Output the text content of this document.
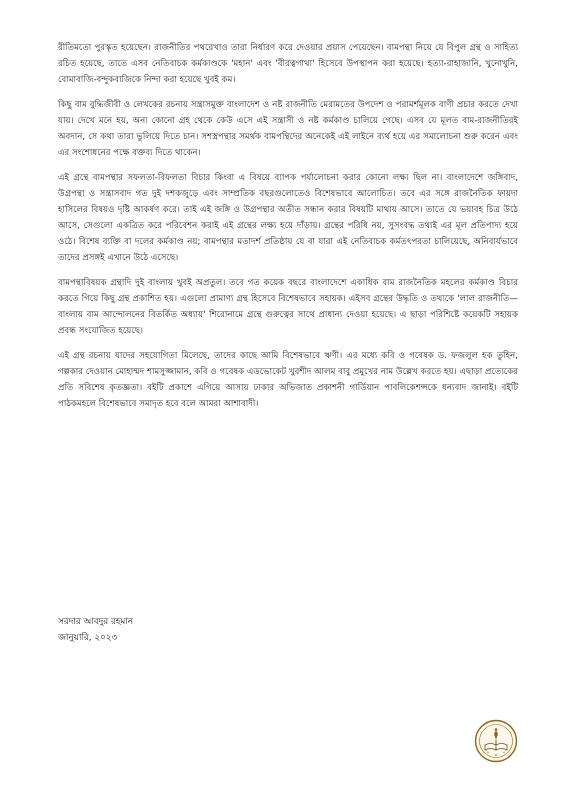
রীতিমতো পুরস্কৃত হয়েছেন। রাজনীতির পথরেখাও তারা নির্ধারণ করে দেওয়ার প্রয়াস পেয়েছেন। বামপন্থা নিয়ে যে বিপুল গ্রন্থ ও সাহিত্য রচিত হয়েছে, তাতে এসব নেতিবাচক কর্মকাণ্ডকে 'মহান' এবং 'বীরত্বগাথা' হিসেবে উপস্থাপন করা হয়েছে। হত্যা-রাহাজানি, খুনোখুনি, বোমাবাজি-বন্দুকবাজিকে নিন্দা করা হয়েছে খুবই কম।

কিছু বাম বুদ্ধিজীবী ও লেখকের রচনায় সন্ত্রাসমুক্ত বাংলাদেশ ও নষ্ট রাজনীতি মেরামতের উপদেশ ও পরামর্শমূলক বাণী প্রচার করতে দেখা যায়। দেখে মনে হয়, অন্য কোনো গ্রহ থেকে কেউ এসে এই সন্ত্রাসী ও নষ্ট কর্মকাণ্ড চালিয়ে গেছে। এসব যে মূলত বাম-রাজনীতিরই অবদান, সে কথা তারা ভুলিয়ে দিতে চান। সশস্ত্রপন্থার সমর্থক বামপন্থিদের অনেকেই এই লাইনে ব্যর্থ হয়ে এর সমালোচনা শুরু করেন এবং এর সংশোধনের পক্ষে বক্তব্য দিতে থাকেন।

এই গ্রন্থে বামপন্থার সফলতা-বিফলতা বিচার কিংবা এ বিষয়ে ব্যাপক পর্যালোচনা করার কোনো লক্ষ্য ছিল না। বাংলাদেশে জঙ্গিবাদ, উগ্রপন্থা ও সন্ত্রাসবাদ গত দুই দশকজুড়ে এবং সাম্প্রতিক বছরগুলোতেও বিশেষভাবে আলোচিত। তবে এর সঙ্গে রাজনৈতিক ফায়দা হাসিলের বিষয়ও দৃষ্টি আকর্ষণ করে। তাই এই জঙ্গি ও উগ্রপন্থার অতীত সন্ধান করার বিষয়টি মাথায় আসে। তাতে যে ভয়াবহ চিত্র উঠে আসে, সেগুলো একত্রিত করে পরিবেশন করাই এই গ্রন্থের লক্ষ্য হয়ে দাঁড়ায়। গ্রন্থের পরিধি নয়, সুসংবদ্ধ তথ্যই এর মূল প্রতিপাদ্য হয়ে ওঠে। বিশেষ ব্যক্তি বা দলের কর্মকাণ্ড নয়; বামপন্থার মতাদর্শ প্রতিষ্ঠায় যে বা যারা এই নেতিবাচক কর্মতৎপরতা চালিয়েছে, অনিবার্যভাবে তাদের প্রসঙ্গই এখানে উঠে এসেছে।

বামপন্থাবিষয়ক গ্রন্থাদি দুই বাংলায় খুবই অপ্রতুল। তবে গত কয়েক বছরে বাংলাদেশে একাধিক বাম রাজনৈতিক মহলের কর্মকাণ্ড বিচার করতে গিয়ে কিছু গ্রন্থ প্রকাশিত হয়। এগুলো প্রামাণ্য গ্রন্থ হিসেবে বিশেষভাবে সহায়ক। এইসব গ্রন্থের উদ্ধৃতি ও তথ্যকে 'লাল রাজনীতি—বাংলায় বাম আন্দোলনের বিতর্কিত অধ্যায়' শিরোনামে গ্রন্থে গুরুত্বের সাথে প্রাধান্য দেওয়া হয়েছে। এ ছাড়া পরিশিষ্টে কয়েকটি সহায়ক প্রবন্ধ সংযোজিত হয়েছে।

এই গ্রন্থ রচনায় যাদের সহযোগিতা মিলেছে, তাদের কাছে আমি বিশেষভাবে ঋণী। এর মধ্যে কবি ও গবেষক ড. ফজলুল হক তুহিন, গল্পকার দেওয়ান মোহাম্মদ শামসুজ্জামান, কবি ও গবেষক এডভোকেট খুরশীদ আলম বাবু প্রমুখের নাম উল্লেখ করতে হয়। এছাড়া প্রত্যেকের প্রতি সবিশেষ কৃতজ্ঞতা। বইটি প্রকাশে এগিয়ে আসায় ঢাকার অভিজাত প্রকাশনী গার্ডিয়ান পাবলিকেশন্সকে ধন্যবাদ জানাই। বইটি পাঠকমহলে বিশেষভাবে সমাদৃত হবে বলে আমরা আশাবাদী।

সরদার আবদুর রহমান
জানুয়ারি, ২০২৩
